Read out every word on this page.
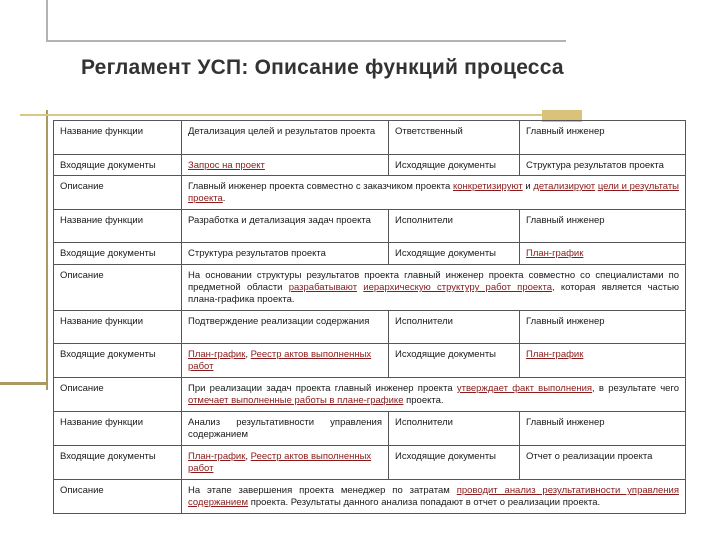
Регламент УСП: Описание функций процесса
Название функции	Детализация целей и результатов проекта	Ответственный	Главный инженер
Входящие документы	Запрос на проект	Исходящие документы	Структура результатов проекта
Описание	Главный инженер проекта совместно с заказчиком проекта конкретизируют и детализируют цели и результаты проекта.		
Название функции	Разработка и детализация задач проекта	Исполнители	Главный инженер
Входящие документы	Структура результатов проекта	Исходящие документы	План-график
Описание	На основании структуры результатов проекта главный инженер проекта совместно со специалистами по предметной области разрабатывают иерархическую структуру работ проекта, которая является частью плана-графика проекта.		
Название функции	Подтверждение реализации содержания	Исполнители	Главный инженер
Входящие документы	План-график, Реестр актов выполненных работ	Исходящие документы	План-график
Описание	При реализации задач проекта главный инженер проекта утверждает факт выполнения, в результате чего отмечает выполненные работы в плане-графике проекта.		
Название функции	Анализ результативности управления содержанием	Исполнители	Главный инженер
Входящие документы	План-график, Реестр актов выполненных работ	Исходящие документы	Отчет о реализации проекта
Описание	На этапе завершения проекта менеджер по затратам проводит анализ результативности управления содержанием проекта. Результаты данного анализа попадают в отчет о реализации проекта.		
